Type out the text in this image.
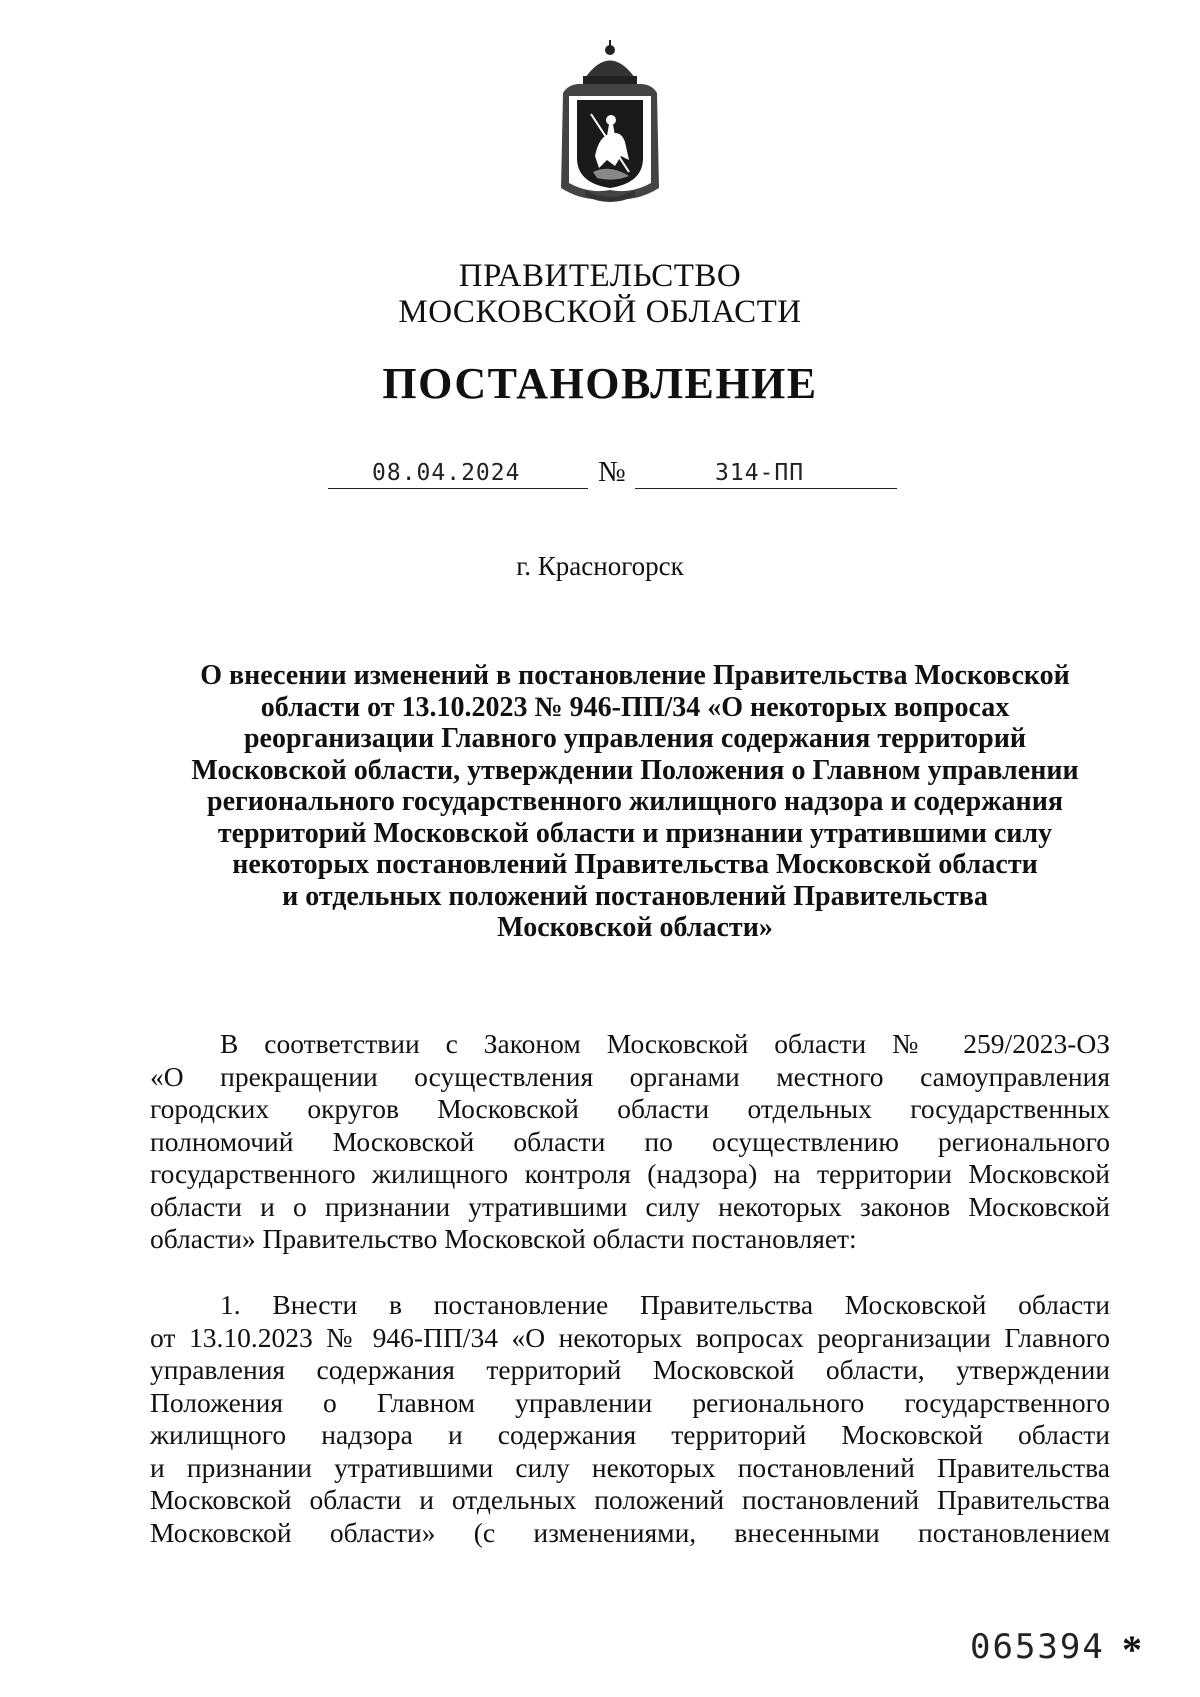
ПРАВИТЕЛЬСТВО
МОСКОВСКОЙ ОБЛАСТИ
ПОСТАНОВЛЕНИЕ
08.04.2024	№	314-ПП
г. Красногорск
О внесении изменений в постановление Правительства Московской
области от 13.10.2023 № 946-ПП/34 «О некоторых вопросах
реорганизации Главного управления содержания территорий
Московской области, утверждении Положения о Главном управлении
регионального государственного жилищного надзора и содержания
территорий Московской области и признании утратившими силу
некоторых постановлений Правительства Московской области
и отдельных положений постановлений Правительства
Московской области»
В соответствии с Законом Московской области № 259/2023-ОЗ
«О прекращении осуществления органами местного самоуправления
городских округов Московской области отдельных государственных
полномочий Московской области по осуществлению регионального
государственного жилищного контроля (надзора) на территории Московской
области и о признании утратившими силу некоторых законов Московской
области» Правительство Московской области постановляет:
1. Внести в постановление Правительства Московской области
от 13.10.2023 № 946-ПП/34 «О некоторых вопросах реорганизации Главного
управления содержания территорий Московской области, утверждении
Положения о Главном управлении регионального государственного
жилищного надзора и содержания территорий Московской области
и признании утратившими силу некоторых постановлений Правительства
Московской области и отдельных положений постановлений Правительства
Московской области» (с изменениями, внесенными постановлением
065394 *
